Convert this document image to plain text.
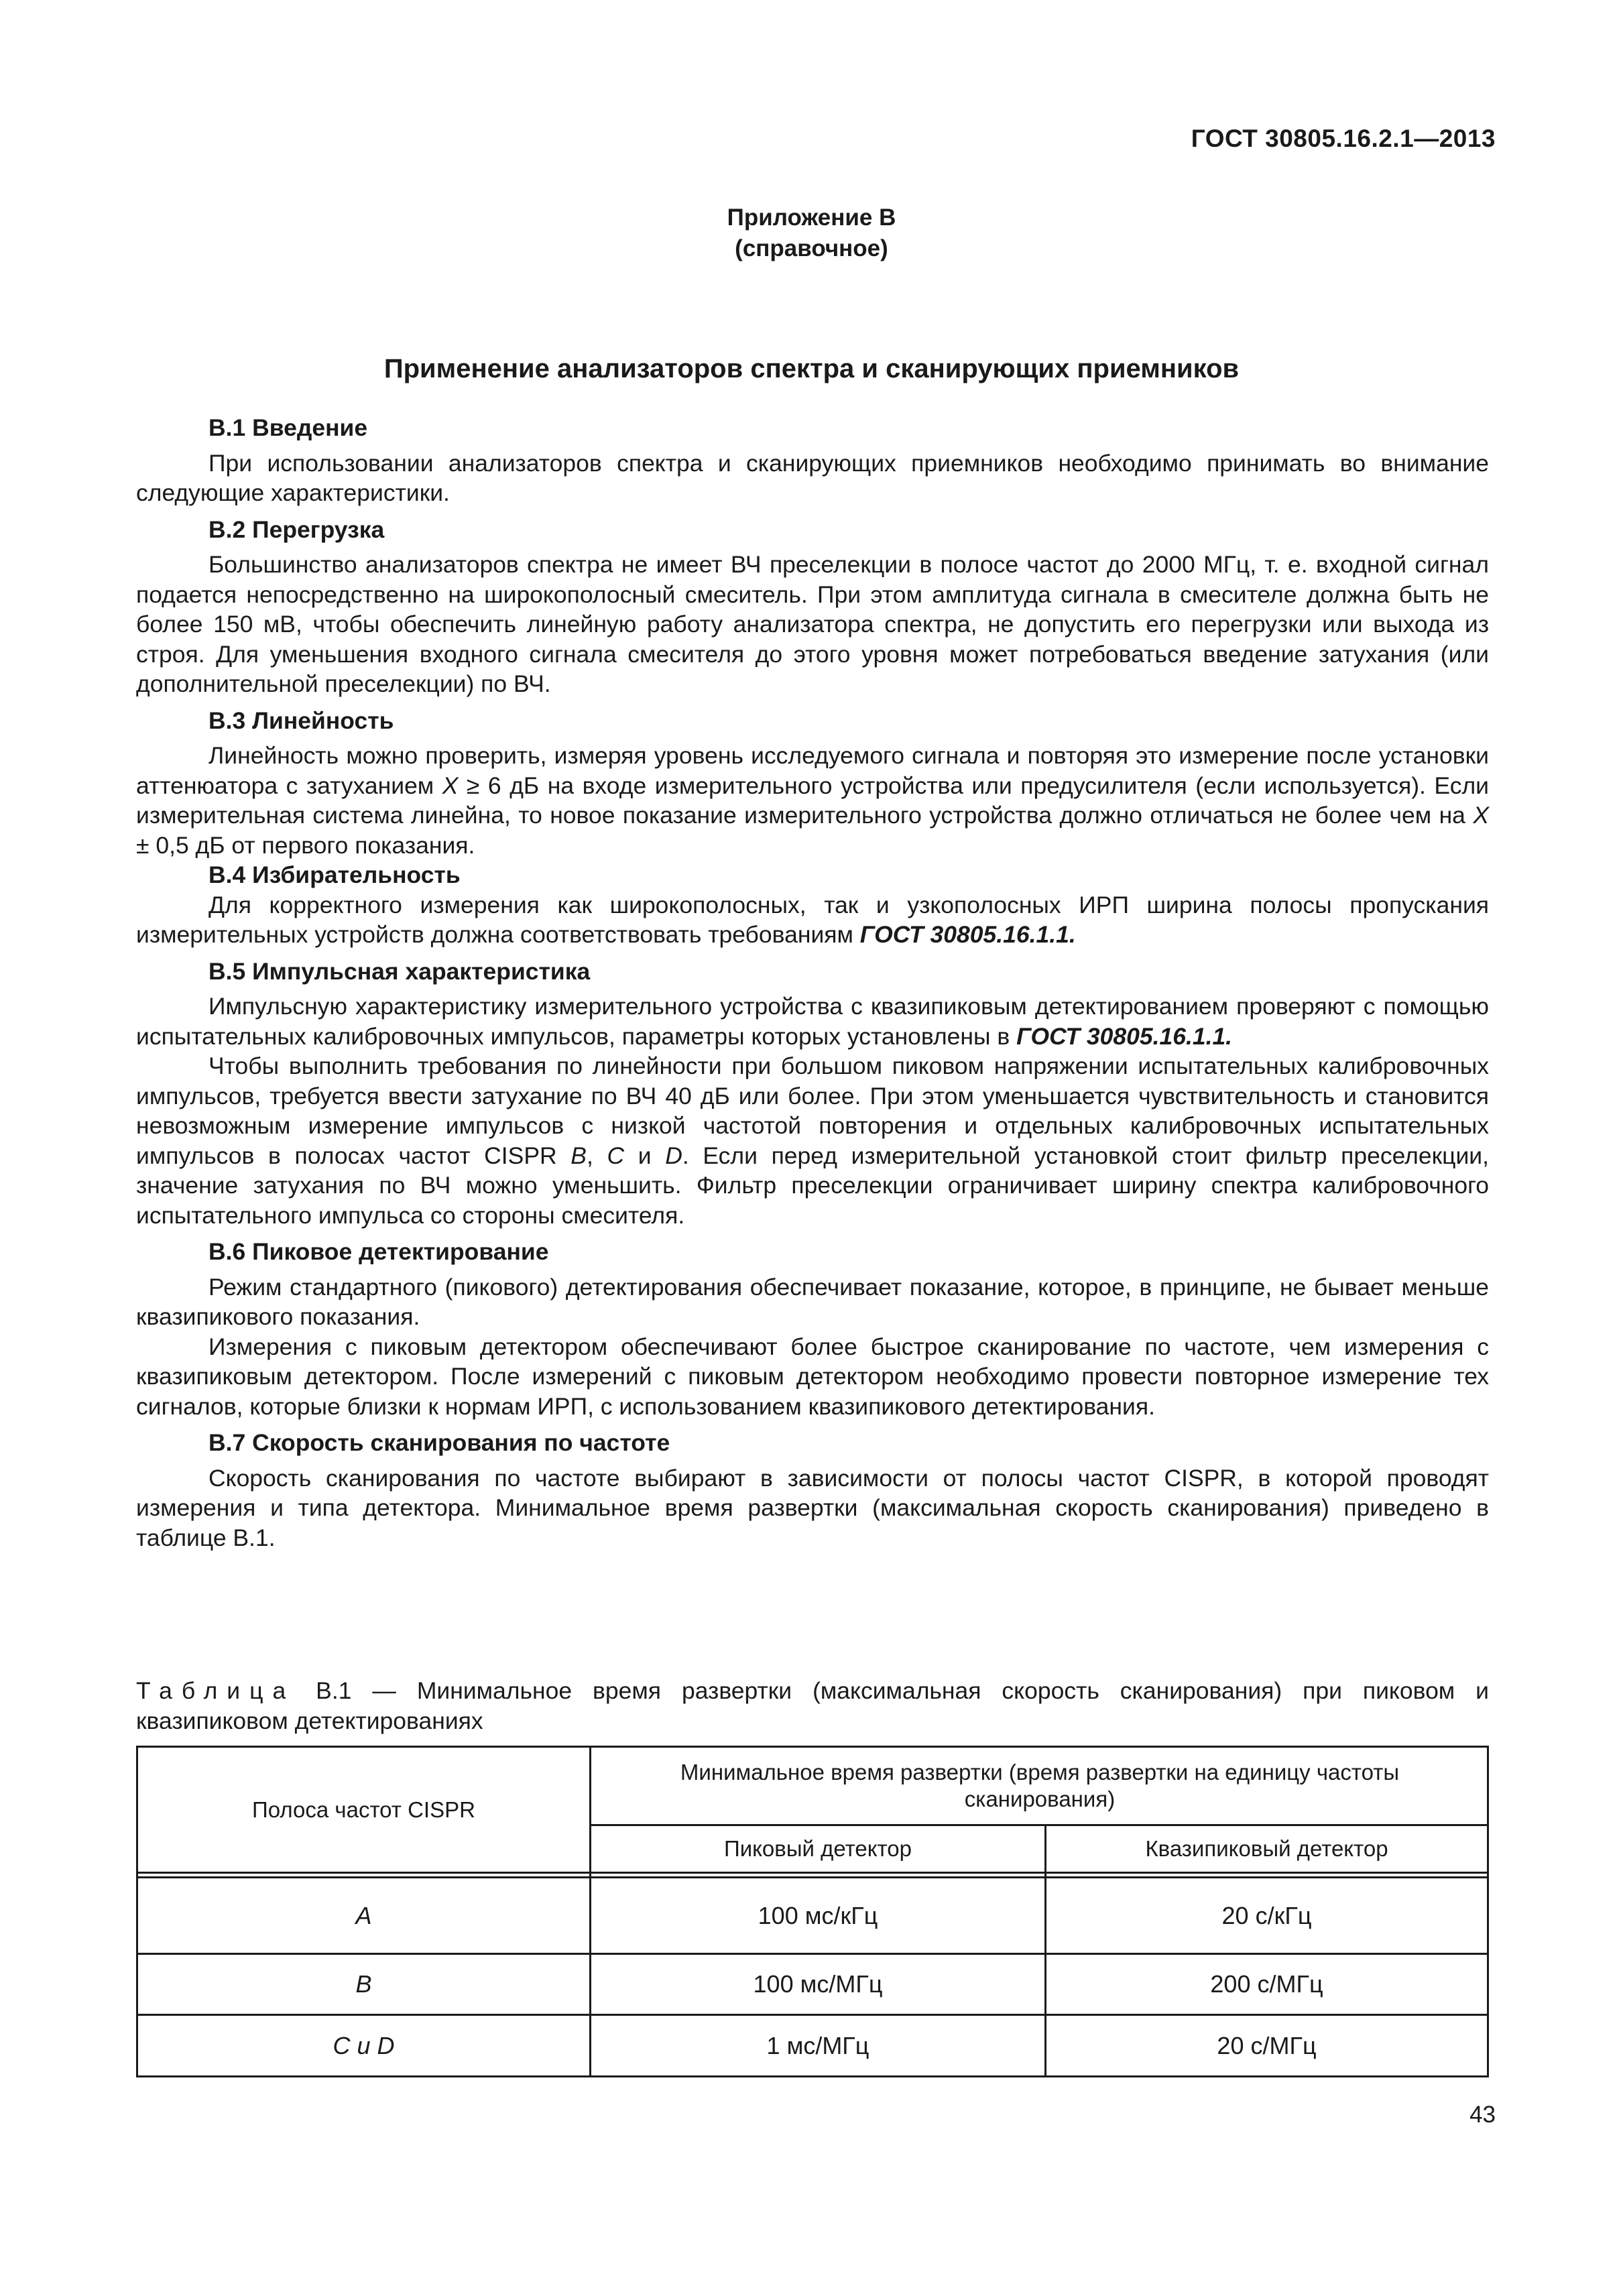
ГОСТ 30805.16.2.1—2013
Приложение В
(справочное)
Применение анализаторов спектра и сканирующих приемников
В.1 Введение

При использовании анализаторов спектра и сканирующих приемников необходимо принимать во внимание следующие характеристики.

В.2 Перегрузка

Большинство анализаторов спектра не имеет ВЧ преселекции в полосе частот до 2000 МГц, т. е. входной сигнал подается непосредственно на широкополосный смеситель. При этом амплитуда сигнала в смесителе должна быть не более 150 мВ, чтобы обеспечить линейную работу анализатора спектра, не допустить его перегрузки или выхода из строя. Для уменьшения входного сигнала смесителя до этого уровня может потребоваться введение затухания (или дополнительной преселекции) по ВЧ.

В.3 Линейность

Линейность можно проверить, измеряя уровень исследуемого сигнала и повторяя это измерение после установки аттенюатора с затуханием X ≥ 6 дБ на входе измерительного устройства или предусилителя (если используется). Если измерительная система линейна, то новое показание измерительного устройства должно отличаться не более чем на X ± 0,5 дБ от первого показания.

В.4 Избирательность

Для корректного измерения как широкополосных, так и узкополосных ИРП ширина полосы пропускания измерительных устройств должна соответствовать требованиям ГОСТ 30805.16.1.1.

В.5 Импульсная характеристика

Импульсную характеристику измерительного устройства с квазипиковым детектированием проверяют с помощью испытательных калибровочных импульсов, параметры которых установлены в ГОСТ 30805.16.1.1.

Чтобы выполнить требования по линейности при большом пиковом напряжении испытательных калибровочных импульсов, требуется ввести затухание по ВЧ 40 дБ или более. При этом уменьшается чувствительность и становится невозможным измерение импульсов с низкой частотой повторения и отдельных калибровочных испытательных импульсов в полосах частот CISPR B, C и D. Если перед измерительной установкой стоит фильтр преселекции, значение затухания по ВЧ можно уменьшить. Фильтр преселекции ограничивает ширину спектра калибровочного испытательного импульса со стороны смесителя.

В.6 Пиковое детектирование

Режим стандартного (пикового) детектирования обеспечивает показание, которое, в принципе, не бывает меньше квазипикового показания.

Измерения с пиковым детектором обеспечивают более быстрое сканирование по частоте, чем измерения с квазипиковым детектором. После измерений с пиковым детектором необходимо провести повторное измерение тех сигналов, которые близки к нормам ИРП, с использованием квазипикового детектирования.

В.7 Скорость сканирования по частоте

Скорость сканирования по частоте выбирают в зависимости от полосы частот CISPR, в которой проводят измерения и типа детектора. Минимальное время развертки (максимальная скорость сканирования) приведено в таблице В.1.

Таблица В.1 — Минимальное время развертки (максимальная скорость сканирования) при пиковом и квазипиковом детектированиях
Полоса частот CISPR
Минимальное время развертки (время развертки на единицу частоты сканирования)
Пиковый детектор	Квазипиковый детектор
A	100 мс/кГц	20 с/кГц
B	100 мс/МГц	200 с/МГц
C и D	1 мс/МГц	20 с/МГц
43
